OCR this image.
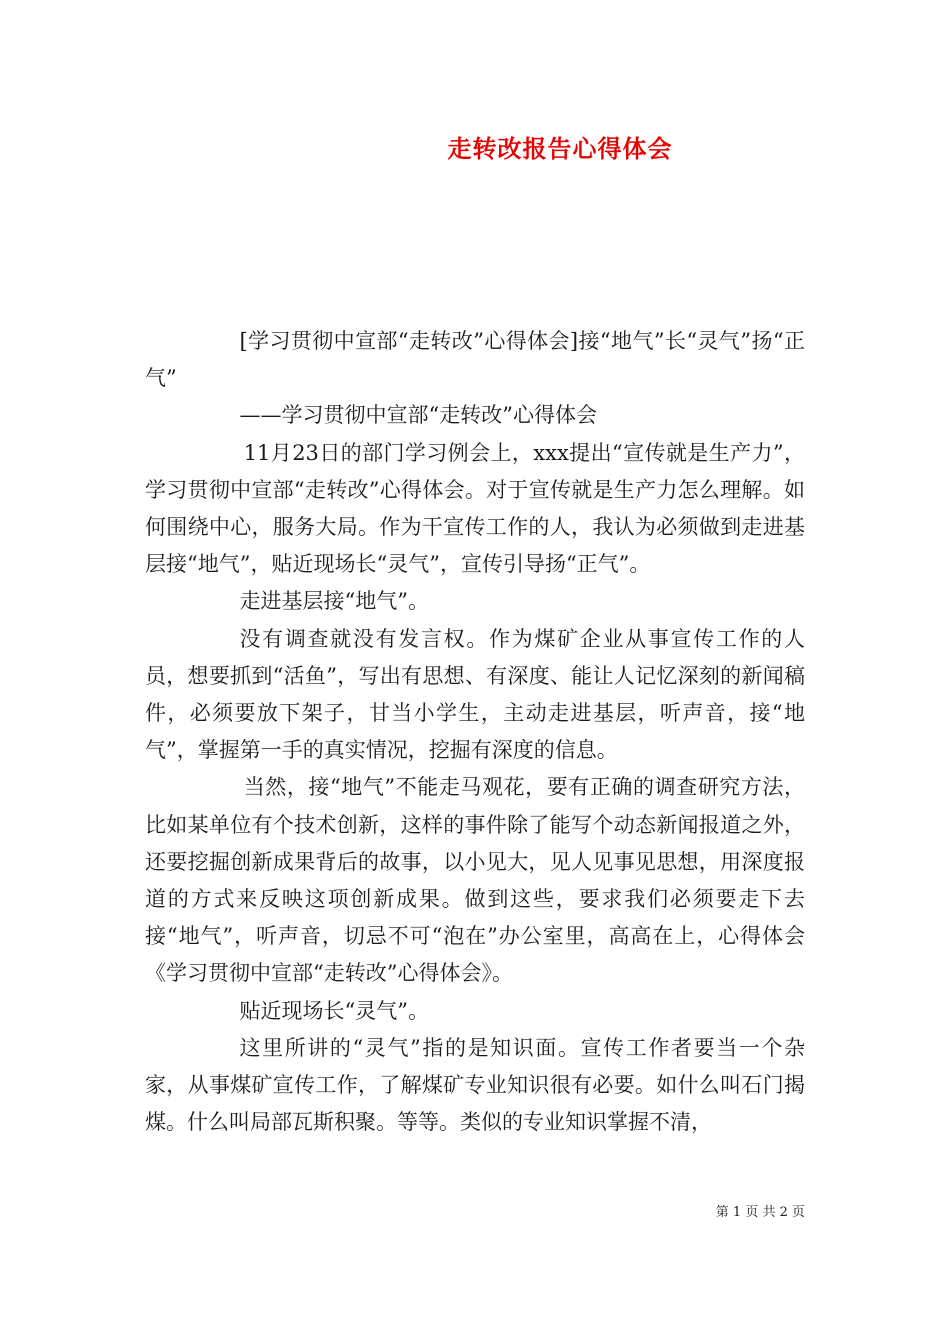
走转改报告心得体会

[学习贯彻中宣部“走转改”心得体会]接“地气”长“灵气”扬“正气”

——学习贯彻中宣部“走转改”心得体会

11月23日的部门学习例会上，xxx提出“宣传就是生产力”，学习贯彻中宣部“走转改”心得体会。对于宣传就是生产力怎么理解。如何围绕中心，服务大局。作为干宣传工作的人，我认为必须做到走进基层接“地气”，贴近现场长“灵气”，宣传引导扬“正气”。

走进基层接“地气”。

没有调查就没有发言权。作为煤矿企业从事宣传工作的人员，想要抓到“活鱼”，写出有思想、有深度、能让人记忆深刻的新闻稿件，必须要放下架子，甘当小学生，主动走进基层，听声音，接“地气”，掌握第一手的真实情况，挖掘有深度的信息。

当然，接“地气”不能走马观花，要有正确的调查研究方法，比如某单位有个技术创新，这样的事件除了能写个动态新闻报道之外，还要挖掘创新成果背后的故事，以小见大，见人见事见思想，用深度报道的方式来反映这项创新成果。做到这些，要求我们必须要走下去接“地气”，听声音，切忌不可“泡在”办公室里，高高在上，心得体会《学习贯彻中宣部“走转改”心得体会》。

贴近现场长“灵气”。

这里所讲的“灵气”指的是知识面。宣传工作者要当一个杂家，从事煤矿宣传工作，了解煤矿专业知识很有必要。如什么叫石门揭煤。什么叫局部瓦斯积聚。等等。类似的专业知识掌握不清，

第 1 页 共 2 页
